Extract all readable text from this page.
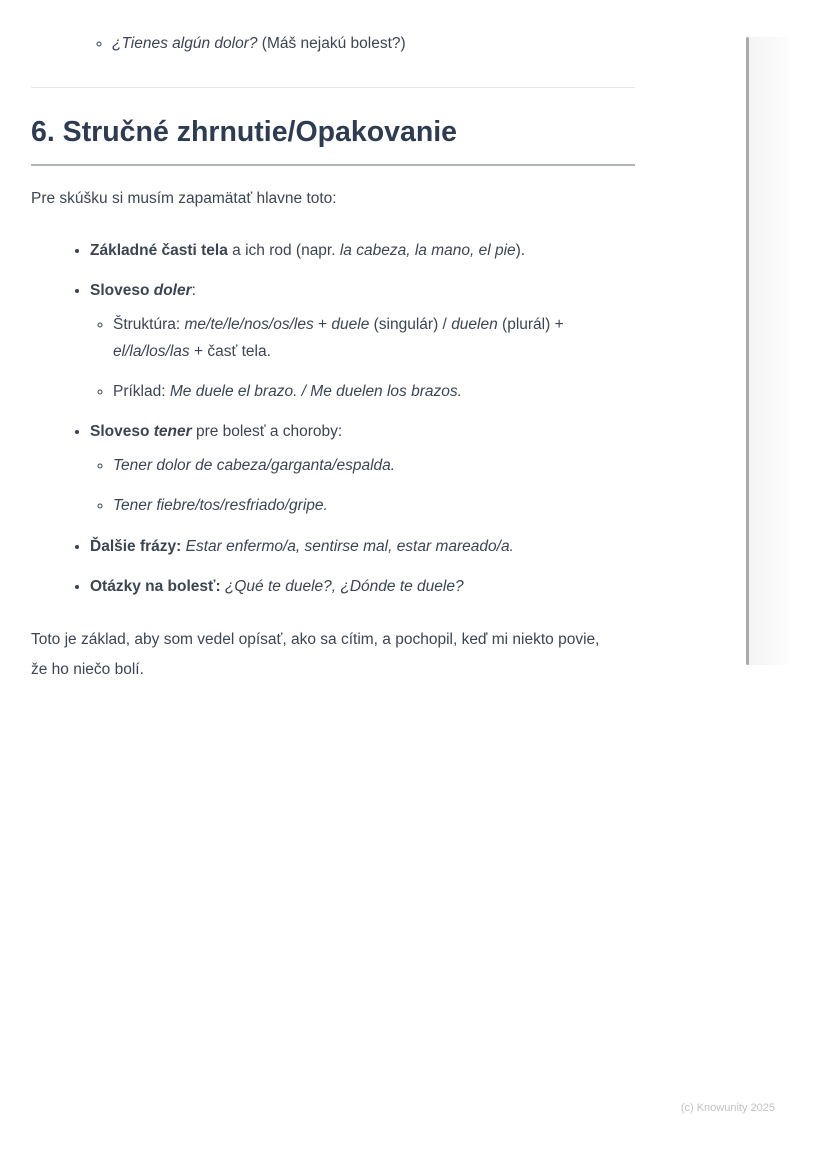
◦ ¿Tienes algún dolor? (Máš nejakú bolest?)
6. Stručné zhrnutie/Opakovanie

Pre skúšku si musím zapamätať hlavne toto:

• Základné časti tela a ich rod (napr. la cabeza, la mano, el pie).
• Sloveso doler:
◦ Štruktúra: me/te/le/nos/os/les + duele (singulár) / duelen (plurál) + el/la/los/las + časť tela.
◦ Príklad: Me duele el brazo. / Me duelen los brazos.
• Sloveso tener pre bolesť a choroby:
◦ Tener dolor de cabeza/garganta/espalda.
◦ Tener fiebre/tos/resfriado/gripe.
• Ďalšie frázy: Estar enfermo/a, sentirse mal, estar mareado/a.
• Otázky na bolesť: ¿Qué te duele?, ¿Dónde te duele?

Toto je základ, aby som vedel opísať, ako sa cítim, a pochopil, keď mi niekto povie, že ho niečo bolí.

(c) Knowunity 2025
